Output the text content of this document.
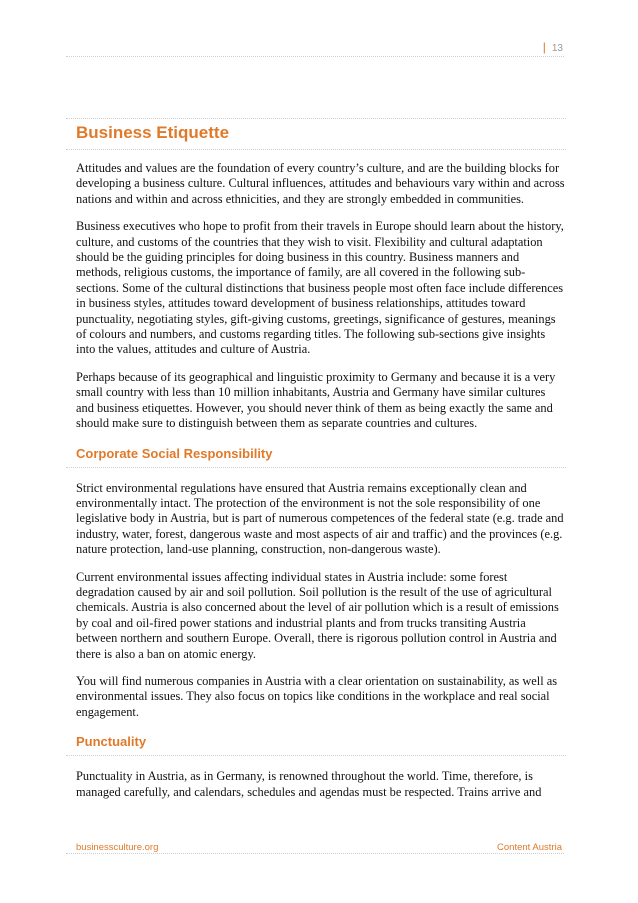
| 13
Business Etiquette

Attitudes and values are the foundation of every country’s culture, and are the building blocks for developing a business culture. Cultural influences, attitudes and behaviours vary within and across nations and within and across ethnicities, and they are strongly embedded in communities.

Business executives who hope to profit from their travels in Europe should learn about the history, culture, and customs of the countries that they wish to visit. Flexibility and cultural adaptation should be the guiding principles for doing business in this country. Business manners and methods, religious customs, the importance of family, are all covered in the following sub-sections. Some of the cultural distinctions that business people most often face include differences in business styles, attitudes toward development of business relationships, attitudes toward punctuality, negotiating styles, gift-giving customs, greetings, significance of gestures, meanings of colours and numbers, and customs regarding titles. The following sub-sections give insights into the values, attitudes and culture of Austria.

Perhaps because of its geographical and linguistic proximity to Germany and because it is a very small country with less than 10 million inhabitants, Austria and Germany have similar cultures and business etiquettes. However, you should never think of them as being exactly the same and should make sure to distinguish between them as separate countries and cultures.

Corporate Social Responsibility

Strict environmental regulations have ensured that Austria remains exceptionally clean and environmentally intact. The protection of the environment is not the sole responsibility of one legislative body in Austria, but is part of numerous competences of the federal state (e.g. trade and industry, water, forest, dangerous waste and most aspects of air and traffic) and the provinces (e.g. nature protection, land-use planning, construction, non-dangerous waste).

Current environmental issues affecting individual states in Austria include: some forest degradation caused by air and soil pollution. Soil pollution is the result of the use of agricultural chemicals. Austria is also concerned about the level of air pollution which is a result of emissions by coal and oil-fired power stations and industrial plants and from trucks transiting Austria between northern and southern Europe. Overall, there is rigorous pollution control in Austria and there is also a ban on atomic energy.

You will find numerous companies in Austria with a clear orientation on sustainability, as well as environmental issues. They also focus on topics like conditions in the workplace and real social engagement.

Punctuality

Punctuality in Austria, as in Germany, is renowned throughout the world. Time, therefore, is managed carefully, and calendars, schedules and agendas must be respected. Trains arrive and

businessculture.org	Content Austria
